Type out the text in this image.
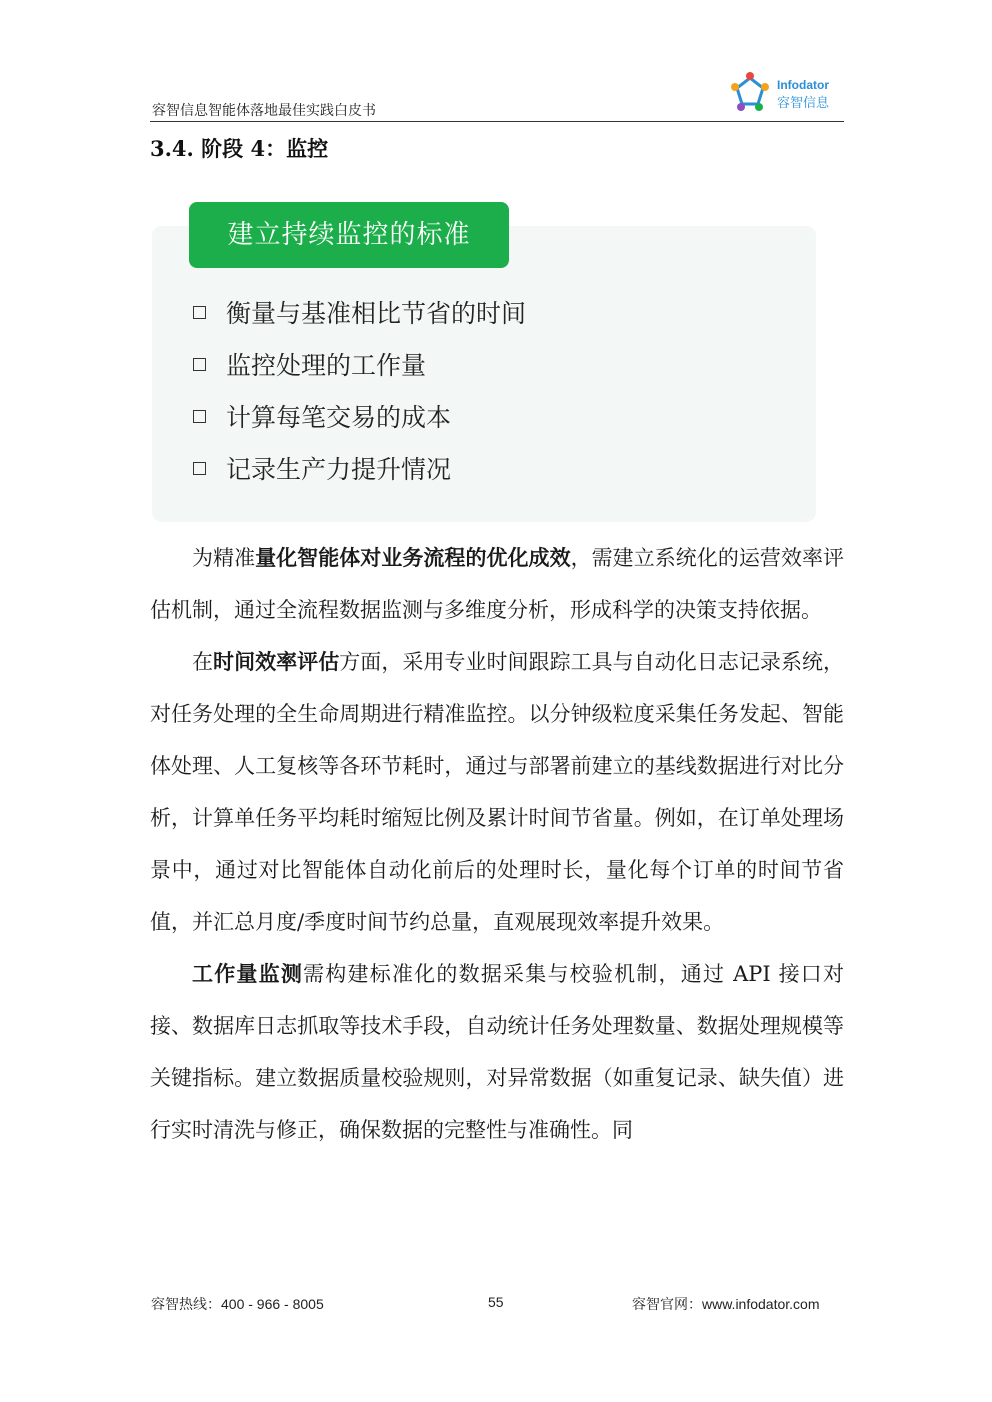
容智信息智能体落地最佳实践白皮书
Infodator
容智信息
3.4. 阶段 4：监控
建立持续监控的标准
衡量与基准相比节省的时间
监控处理的工作量
计算每笔交易的成本
记录生产力提升情况

为精准量化智能体对业务流程的优化成效，需建立系统化的运营效率评估机制，通过全流程数据监测与多维度分析，形成科学的决策支持依据。

在时间效率评估方面，采用专业时间跟踪工具与自动化日志记录系统，对任务处理的全生命周期进行精准监控。以分钟级粒度采集任务发起、智能体处理、人工复核等各环节耗时，通过与部署前建立的基线数据进行对比分析，计算单任务平均耗时缩短比例及累计时间节省量。例如，在订单处理场景中，通过对比智能体自动化前后的处理时长，量化每个订单的时间节省值，并汇总月度/季度时间节约总量，直观展现效率提升效果。

工作量监测需构建标准化的数据采集与校验机制，通过 API 接口对接、数据库日志抓取等技术手段，自动统计任务处理数量、数据处理规模等关键指标。建立数据质量校验规则，对异常数据（如重复记录、缺失值）进行实时清洗与修正，确保数据的完整性与准确性。同

容智热线：400 - 966 - 8005	55	容智官网：www.infodator.com
